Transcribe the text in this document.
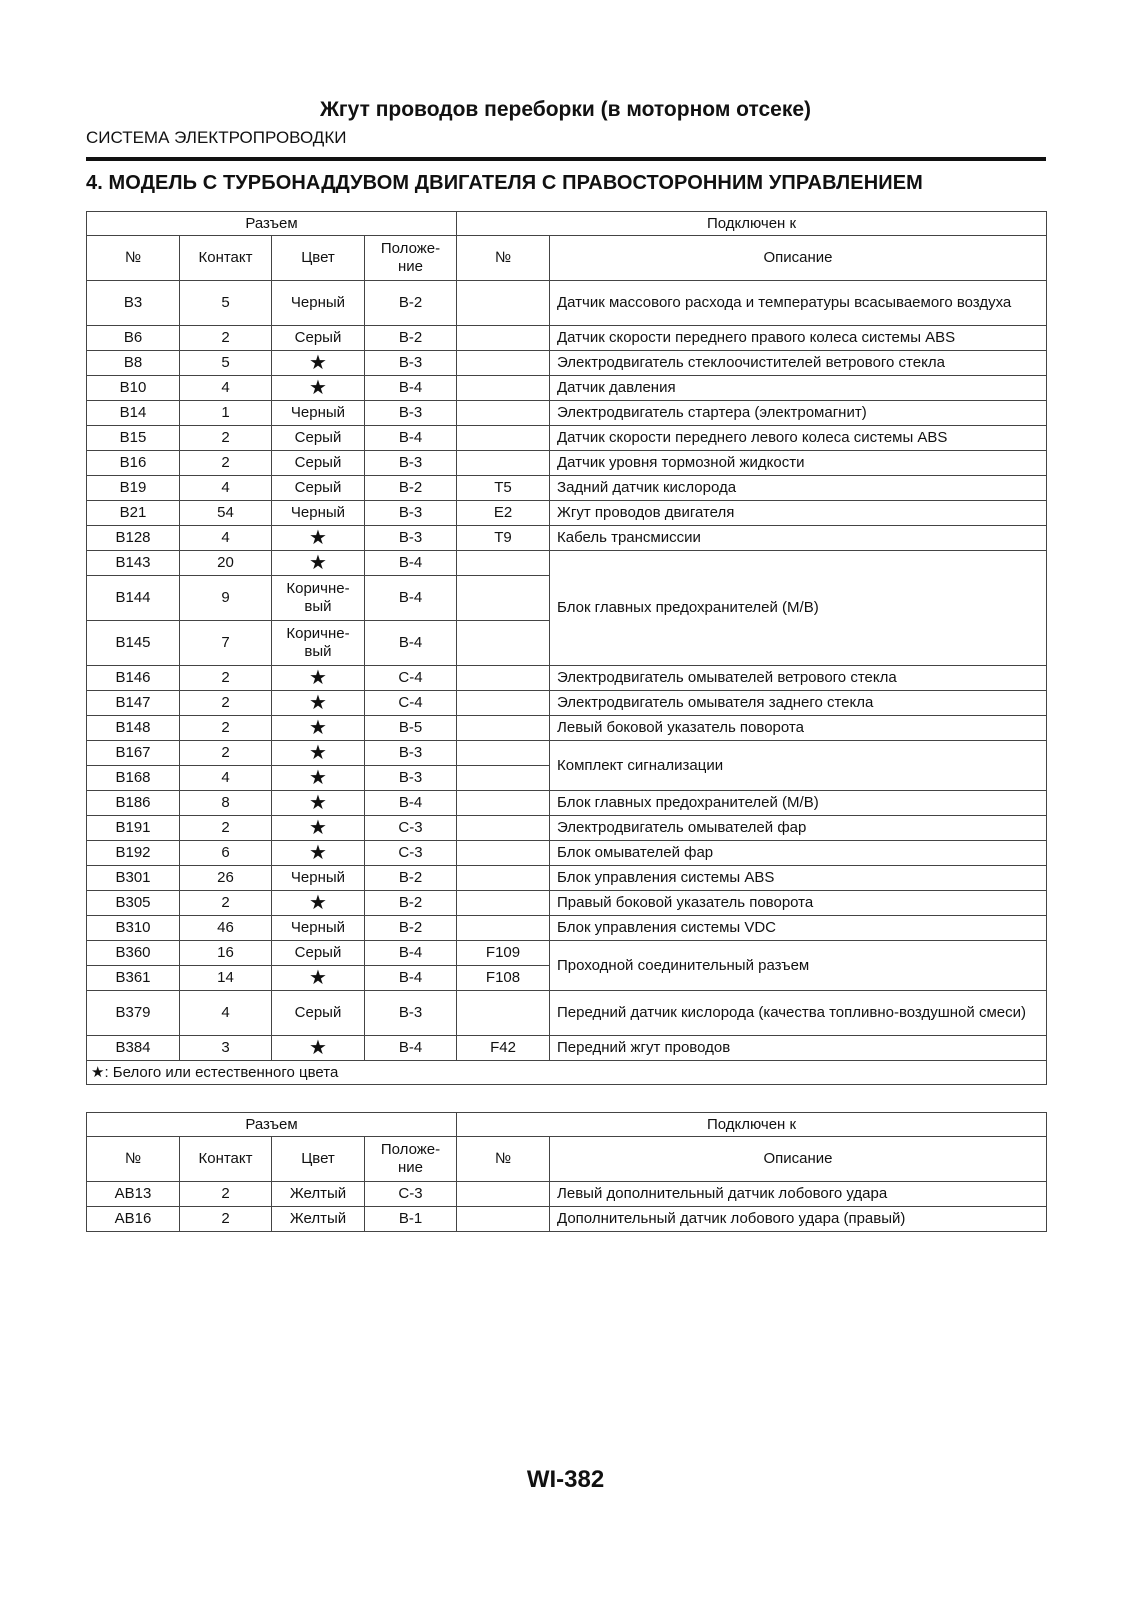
Жгут проводов переборки (в моторном отсеке)
СИСТЕМА ЭЛЕКТРОПРОВОДКИ
4. МОДЕЛЬ С ТУРБОНАДДУВОМ ДВИГАТЕЛЯ С ПРАВОСТОРОННИМ УПРАВЛЕНИЕМ
Разъем				Подключен к	
№	Контакт	Цвет	Положе-ние	№	Описание
B3	5	Черный	B-2		Датчик массового расхода и температуры всасываемого воздуха
B6	2	Серый	B-2		Датчик скорости переднего правого колеса системы ABS
B8	5	★	B-3		Электродвигатель стеклоочистителей ветрового стекла
B10	4	★	B-4		Датчик давления
B14	1	Черный	B-3		Электродвигатель стартера (электромагнит)
B15	2	Серый	B-4		Датчик скорости переднего левого колеса системы ABS
B16	2	Серый	B-3		Датчик уровня тормозной жидкости
B19	4	Серый	B-2	T5	Задний датчик кислорода
B21	54	Черный	B-3	E2	Жгут проводов двигателя
B128	4	★	B-3	T9	Кабель трансмиссии
B143	20	★	B-4		Блок главных предохранителей (M/B)
B144	9	Коричне-вый	B-4		
B145	7	Коричне-вый	B-4		
B146	2	★	C-4		Электродвигатель омывателей ветрового стекла
B147	2	★	C-4		Электродвигатель омывателя заднего стекла
B148	2	★	B-5		Левый боковой указатель поворота
B167	2	★	B-3		Комплект сигнализации
B168	4	★	B-3		
B186	8	★	B-4		Блок главных предохранителей (M/B)
B191	2	★	C-3		Электродвигатель омывателей фар
B192	6	★	C-3		Блок омывателей фар
B301	26	Черный	B-2		Блок управления системы ABS
B305	2	★	B-2		Правый боковой указатель поворота
B310	46	Черный	B-2		Блок управления системы VDC
B360	16	Серый	B-4	F109	Проходной соединительный разъем
B361	14	★	B-4	F108	
B379	4	Серый	B-3		Передний датчик кислорода (качества топливно-воздушной смеси)
B384	3	★	B-4	F42	Передний жгут проводов
★: Белого или естественного цвета					
Разъем				Подключен к	
№	Контакт	Цвет	Положе-ние	№	Описание
AB13	2	Желтый	C-3		Левый дополнительный датчик лобового удара
AB16	2	Желтый	B-1		Дополнительный датчик лобового удара (правый)
WI-382
